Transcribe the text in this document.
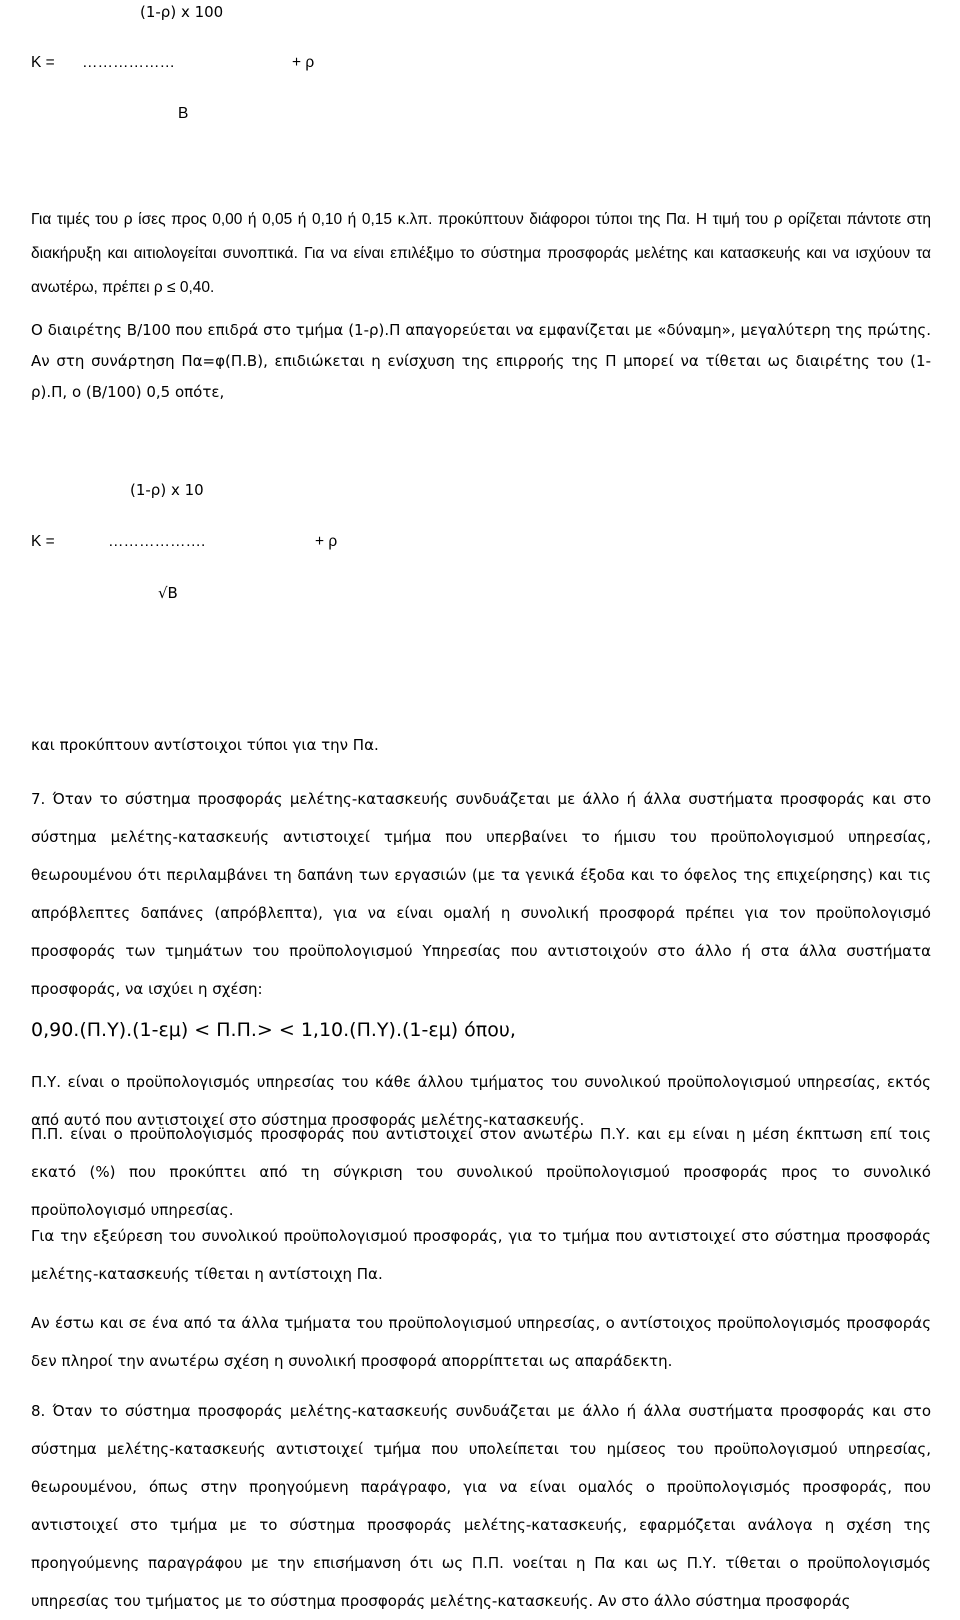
(1-ρ) x 100
K = ………………	+ ρ
B

Για τιμές του ρ ίσες προς 0,00 ή 0,05 ή 0,10 ή 0,15 κ.λπ. προκύπτουν διάφοροι τύποι της Πα. Η τιμή του ρ ορίζεται πάντοτε στη διακήρυξη και αιτιολογείται συνοπτικά. Για να είναι επιλέξιμο το σύστημα προσφοράς μελέτης και κατασκευής και να ισχύουν τα ανωτέρω, πρέπει ρ ≤ 0,40.

Ο διαιρέτης Β/100 που επιδρά στο τμήμα (1-ρ).Π απαγορεύεται να εμφανίζεται με «δύναμη», μεγαλύτερη της πρώτης. Αν στη συνάρτηση Πα=φ(Π.Β), επιδιώκεται η ενίσχυση της επιρροής της Π μπορεί να τίθεται ως διαιρέτης του (1-ρ).Π, ο (Β/100) 0,5 οπότε,

(1-ρ) x 10
K =	……………….	+ ρ
√B

και προκύπτουν αντίστοιχοι τύποι για την Πα.

7. Όταν το σύστημα προσφοράς μελέτης-κατασκευής συνδυάζεται με άλλο ή άλλα συστήματα προσφοράς και στο σύστημα μελέτης-κατασκευής αντιστοιχεί τμήμα που υπερβαίνει το ήμισυ του προϋπολογισμού υπηρεσίας, θεωρουμένου ότι περιλαμβάνει τη δαπάνη των εργασιών (με τα γενικά έξοδα και το όφελος της επιχείρησης) και τις απρόβλεπτες δαπάνες (απρόβλεπτα), για να είναι ομαλή η συνολική προσφορά πρέπει για τον προϋπολογισμό προσφοράς των τμημάτων του προϋπολογισμού Υπηρεσίας που αντιστοιχούν στο άλλο ή στα άλλα συστήματα προσφοράς, να ισχύει η σχέση:

0,90.(Π.Υ).(1-εμ) < Π.Π.> < 1,10.(Π.Υ).(1-εμ) όπου,

Π.Υ. είναι ο προϋπολογισμός υπηρεσίας του κάθε άλλου τμήματος του συνολικού προϋπολογισμού υπηρεσίας, εκτός από αυτό που αντιστοιχεί στο σύστημα προσφοράς μελέτης-κατασκευής.

Π.Π. είναι ο προϋπολογισμός προσφοράς που αντιστοιχεί στον ανωτέρω Π.Υ. και εμ είναι η μέση έκπτωση επί τοις εκατό (%) που προκύπτει από τη σύγκριση του συνολικού προϋπολογισμού προσφοράς προς το συνολικό προϋπολογισμό υπηρεσίας.

Για την εξεύρεση του συνολικού προϋπολογισμού προσφοράς, για το τμήμα που αντιστοιχεί στο σύστημα προσφοράς μελέτης-κατασκευής τίθεται η αντίστοιχη Πα.

Αν έστω και σε ένα από τα άλλα τμήματα του προϋπολογισμού υπηρεσίας, ο αντίστοιχος προϋπολογισμός προσφοράς δεν πληροί την ανωτέρω σχέση η συνολική προσφορά απορρίπτεται ως απαράδεκτη.

8. Όταν το σύστημα προσφοράς μελέτης-κατασκευής συνδυάζεται με άλλο ή άλλα συστήματα προσφοράς και στο σύστημα μελέτης-κατασκευής αντιστοιχεί τμήμα που υπολείπεται του ημίσεος του προϋπολογισμού υπηρεσίας, θεωρουμένου, όπως στην προηγούμενη παράγραφο, για να είναι ομαλός ο προϋπολογισμός προσφοράς, που αντιστοιχεί στο τμήμα με το σύστημα προσφοράς μελέτης-κατασκευής, εφαρμόζεται ανάλογα η σχέση της προηγούμενης παραγράφου με την επισήμανση ότι ως Π.Π. νοείται η Πα και ως Π.Υ. τίθεται ο προϋπολογισμός υπηρεσίας του τμήματος με το σύστημα προσφοράς μελέτης-κατασκευής. Αν στο άλλο σύστημα προσφοράς
